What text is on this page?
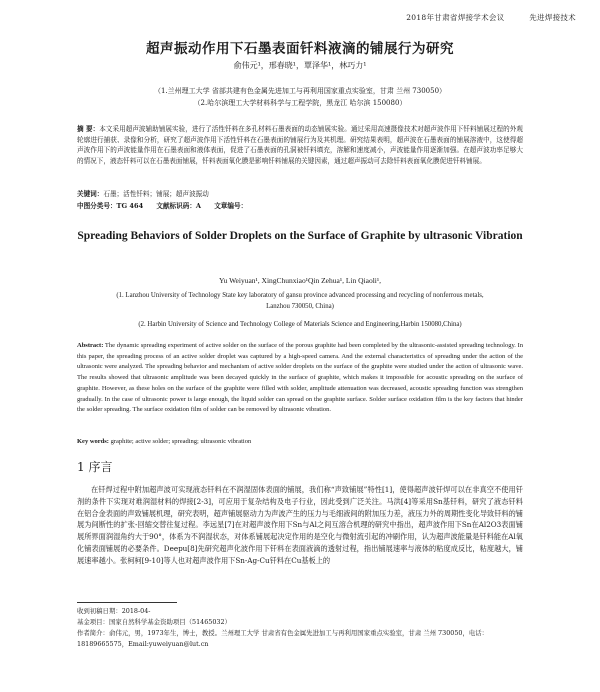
2018年甘肃省焊接学术会议	先进焊接技术
超声振动作用下石墨表面钎料液滴的铺展行为研究
俞伟元¹，邢春晓¹，覃泽华¹，林巧力¹
（1.兰州理工大学 省部共建有色金属先进加工与再利用国家重点实验室，甘肃 兰州 730050）
（2.哈尔滨理工大学材料科学与工程学院，黑龙江 哈尔滨 150080）
摘 要：本文采用超声波辅助铺展实验，进行了活性钎料在多孔材料石墨表面的动态铺展实验。通过采用高速摄像技术对超声波作用下钎料铺展过程的外观轮廓进行捕获、录像和分析，研究了超声波作用下活性钎料在石墨表面的铺展行为及其机理。研究结果表明，超声波在石墨表面的铺展溶液中，这使得超声波作用下的声波能量作用在石墨表面和液体表面，促进了石墨表面的孔洞被钎料填充，溶解和速度减小，声波能量作用逐渐加强。在超声波功率足够大的情况下，液态钎料可以在石墨表面铺展，钎料表面氧化膜是影响钎料铺展的关键因素，通过超声振动可去除钎料表面氧化膜促进钎料铺展。
关键词：石墨；活性钎料；铺展；超声波振动
中图分类号：TG 464　　文献标识码：A　　文章编号：
Spreading Behaviors of Solder Droplets on the Surface of Graphite by ultrasonic Vibration
Yu Weiyuan¹, XingChunxiao¹Qin Zehua¹, Lin Qiaoli¹,
(1. Lanzhou University of Technology State key laboratory of gansu province advanced processing and recycling of nonferrous metals, Lanzhou 730050, China)
(2. Harbin University of Science and Technology College of Materials Science and Engineering,Harbin 150080,China)
Abstract: The dynamic spreading experiment of active solder on the surface of the porous graphite had been completed by the ultrasonic-assisted spreading technology. In this paper, the spreading process of an active solder droplet was captured by a high-speed camera. And the external characteristics of spreading under the action of the ultrasonic were analyzed. The spreading behavior and mechanism of active solder droplets on the surface of the graphite were studied under the action of ultrasonic wave. The results showed that ultrasonic amplitude was been decayed quickly in the surface of graphite, which makes it impossible for acoustic spreading on the surface of graphite. However, as these holes on the surface of the graphite were filled with solder, amplitude attenuation was decreased, acoustic spreading function was strengthen gradually. In the case of ultrasonic power is large enough, the liquid solder can spread on the graphite surface. Solder surface oxidation film is the key factors that hinder the solder spreading. The surface oxidation film of solder can be removed by ultrasonic vibration.
Key words: graphite; active solder; spreading; ultrasonic vibration
1 序言
在钎焊过程中附加超声波可实现液态钎料在不润湿固体表面的铺展，我们称“声致铺展”特性[1]，使得超声波钎焊可以在非真空不使用钎剂的条件下实现对难润湿材料的焊接[2-3]，可应用于复杂结构及电子行业，因此受到广泛关注。马洪[4]等采用Sn基钎料，研究了液态钎料在铝合金表面的声致铺展机理，研究表明，超声铺展驱动力为声波产生的压力与毛细液间的附加压力差，液压力外的周期性变化导致钎料的铺展为间断性的扩张-回缩交替往复过程。李远星[7]在对超声波作用下Sn与Al之间互溶合机理的研究中指出，超声波作用下Sn在Al2O3表面铺展所界面润湿角约大于90°，体系为不润湿状态，对体系铺展起决定作用的是空化与微射流引起的冲刷作用，认为超声波能量是钎料能在Al氧化铺表面铺展的必要条件。Deepu[8]先研究超声化波作用下钎料在表面液滴的透射过程，指出铺展速率与液体的粘度成反比，粘度越大，铺展速率越小。张柯柯[9-10]等人也对超声波作用下Sn-Ag-Cu钎料在Cu基板上的
收到初稿日期：2018-04-
基金项目：国家自然科学基金资助项目（51465032）
作者简介：俞伟元，男，1973年生，博士，教授。兰州理工大学 甘肃省有色金属先进加工与再利用国家重点实验室，甘肃 兰州 730050，电话：18189665575，Email:yuweiyuan@lut.cn
